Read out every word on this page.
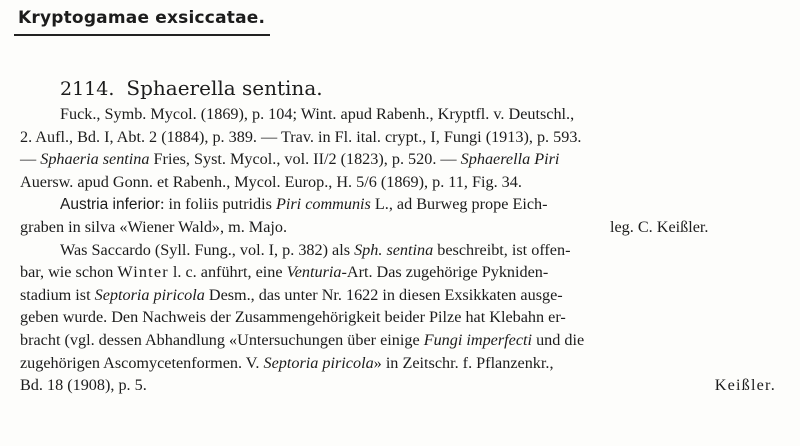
Kryptogamae exsiccatae.
2114. Sphaerella sentina.
Fuck., Symb. Mycol. (1869), p. 104; Wint. apud Rabenh., Kryptfl. v. Deutschl.,
2. Aufl., Bd. I, Abt. 2 (1884), p. 389. — Trav. in Fl. ital. crypt., I, Fungi (1913), p. 593.
— Sphaeria sentina Fries, Syst. Mycol., vol. II/2 (1823), p. 520. — Sphaerella Piri
Auersw. apud Gonn. et Rabenh., Mycol. Europ., H. 5/6 (1869), p. 11, Fig. 34.
Austria inferior: in foliis putridis Piri communis L., ad Burweg prope Eich-
graben in silva «Wiener Wald», m. Majo.	leg. C. Keißler.
Was Saccardo (Syll. Fung., vol. I, p. 382) als Sph. sentina beschreibt, ist offen-
bar, wie schon Winter l. c. anführt, eine Venturia-Art. Das zugehörige Pykniden-
stadium ist Septoria piricola Desm., das unter Nr. 1622 in diesen Exsikkaten ausge-
geben wurde. Den Nachweis der Zusammengehörigkeit beider Pilze hat Klebahn er-
bracht (vgl. dessen Abhandlung «Untersuchungen über einige Fungi imperfecti und die
zugehörigen Ascomycetenformen. V. Septoria piricola» in Zeitschr. f. Pflanzenkr.,
Bd. 18 (1908), p. 5.	Keißler.
